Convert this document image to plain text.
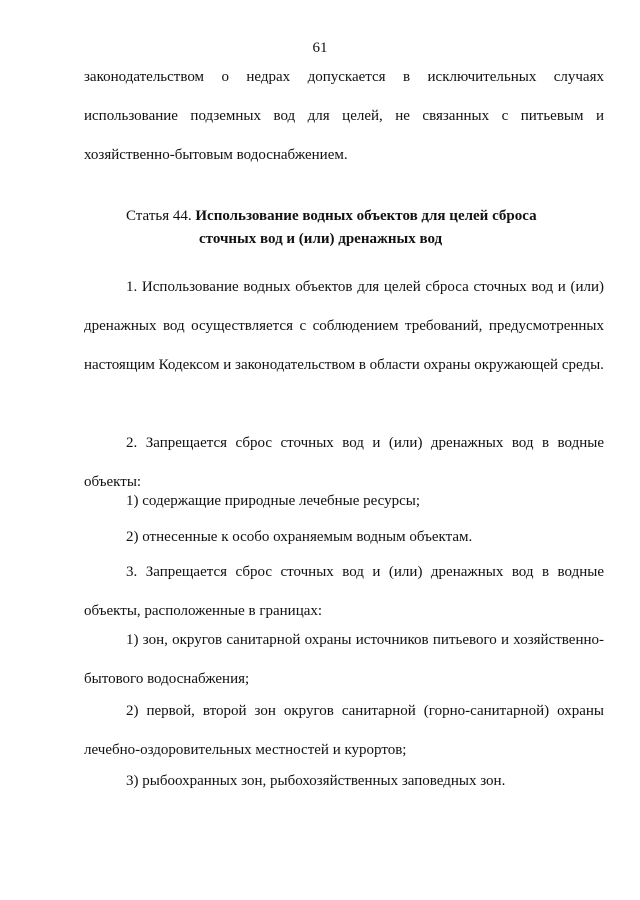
61

законодательством о недрах допускается в исключительных случаях использование подземных вод для целей, не связанных с питьевым и хозяйственно-бытовым водоснабжением.

Статья 44. Использование водных объектов для целей сброса
сточных вод и (или) дренажных вод

1. Использование водных объектов для целей сброса сточных вод и (или) дренажных вод осуществляется с соблюдением требований, предусмотренных настоящим Кодексом и законодательством в области охраны окружающей среды.

2. Запрещается сброс сточных вод и (или) дренажных вод в водные объекты:

1) содержащие природные лечебные ресурсы;

2) отнесенные к особо охраняемым водным объектам.

3. Запрещается сброс сточных вод и (или) дренажных вод в водные объекты, расположенные в границах:

1) зон, округов санитарной охраны источников питьевого и хозяйственно-бытового водоснабжения;

2) первой, второй зон округов санитарной (горно-санитарной) охраны лечебно-оздоровительных местностей и курортов;

3) рыбоохранных зон, рыбохозяйственных заповедных зон.
